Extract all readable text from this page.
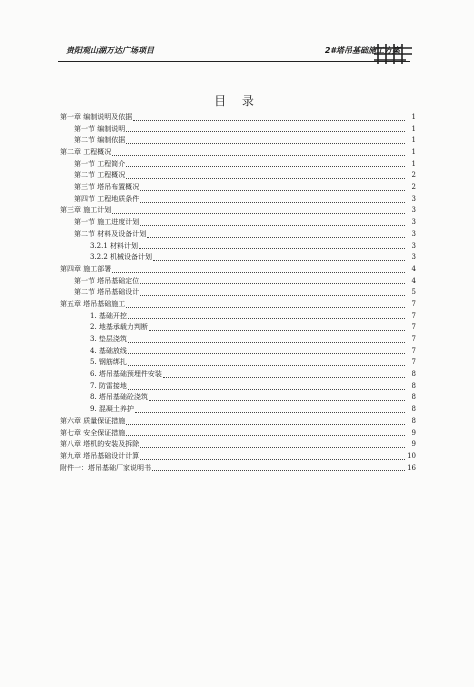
贵阳观山湖万达广场项目	2#塔吊基础施工方案
目 录
第一章 编制说明及依据	1
第一节 编制说明	1
第二节 编制依据	1
第二章 工程概况	1
第一节 工程简介	1
第二节 工程概况	2
第三节 塔吊布置概况	2
第四节 工程地质条件	3
第三章 施工计划	3
第一节 施工进度计划	3
第二节 材料及设备计划	3
3.2.1 材料计划	3
3.2.2 机械设备计划	3
第四章 施工部署	4
第一节 塔吊基础定位	4
第二节 塔吊基础设计	5
第五章 塔吊基础施工	7
1. 基础开挖	7
2. 地基承载力判断	7
3. 垫层浇筑	7
4. 基础放线	7
5. 钢筋绑扎	7
6. 塔吊基础预埋件安装	8
7. 防雷接地	8
8. 塔吊基础砼浇筑	8
9. 混凝土养护	8
第六章 质量保证措施	8
第七章 安全保证措施	9
第八章 塔机的安装及拆除	9
第九章 塔吊基础设计计算	10
附件一：塔吊基础厂家说明书	16
